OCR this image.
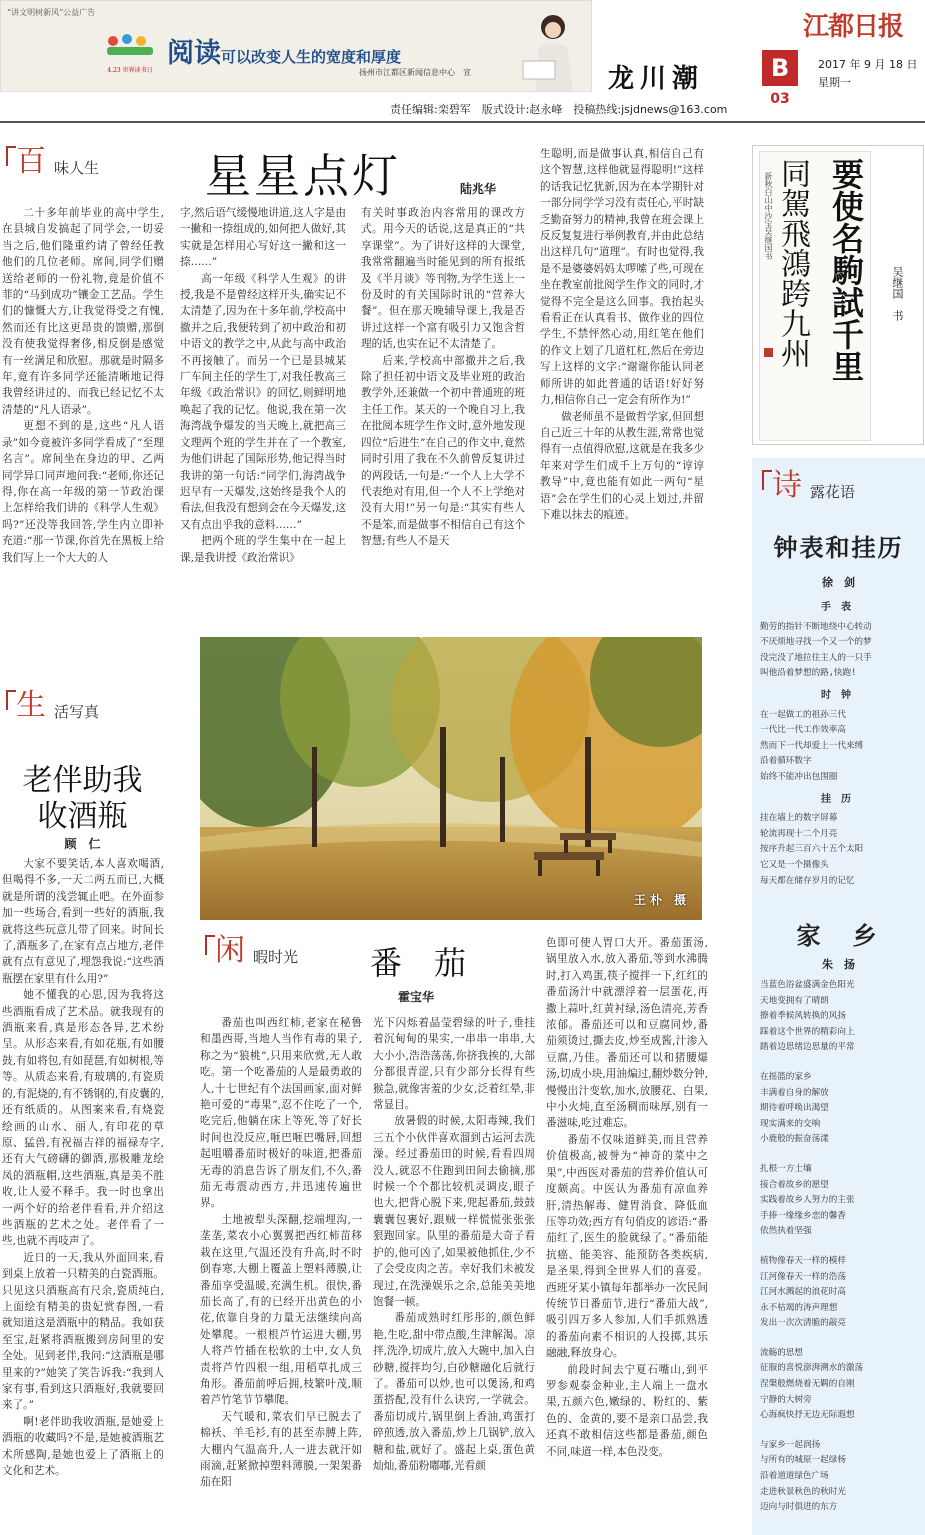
“讲文明树新风”公益广告
4.23 世界读书日
阅读 可以改变人生的宽度和厚度
扬州市江都区新闻信息中心　宣	龙川潮	B
03
江都日报
2017 年 9 月 18 日
星期一
责任编辑:栾碧军　版式设计:赵永峰　投稿热线:jsjdnews@163.com
百 味人生 星星点灯	陆兆华

二十多年前毕业的高中学生,在县城自发搞起了同学会,一切妥当之后,他们隆重约请了曾经任教他们的几位老师。席间,同学们赠送给老师的一份礼物,竟是价值不菲的“马到成功”镶金工艺品。学生们的慷慨大方,让我觉得受之有愧,然而还有比这更昂贵的馈赠,那倒没有使我觉得奢侈,相反倒是感觉有一丝满足和欣慰。那就是时隔多年,竟有许多同学还能清晰地记得我曾经讲过的、而我已经记忆不太清楚的“凡人语录”。

更想不到的是,这些“凡人语录”如今竟被许多同学看成了“至理名言”。席间坐在身边的甲、乙两同学异口同声地问我:“老师,你还记得,你在高一年级的第一节政治课上怎样给我们讲的《科学人生观》吗?”还没等我回答,学生内立即补充道:“那一节课,你首先在黑板上给我们写上一个大大的人

字,然后语气缓慢地讲道,这人字是由一撇和一捺组成的,如何把人做好,其实就是怎样用心写好这一撇和这一捺……”

高一年级《科学人生观》的讲授,我是不是曾经这样开头,确实记不太清楚了,因为在十多年前,学校高中撤并之后,我便转到了初中政治和初中语文的教学之中,从此与高中政治不再接触了。而另一个已是县城某厂车间主任的学生丁,对我任教高三年级《政治常识》的回忆,则鲜明地唤起了我的记忆。他说,我在第一次海湾战争爆发的当天晚上,就把高三文理两个班的学生并在了一个教室,为他们讲起了国际形势,他记得当时我讲的第一句话:“同学们,海湾战争迟早有一天爆发,这始终是我个人的看法,但我没有想到会在今天爆发,这又有点出乎我的意料……”

把两个班的学生集中在一起上课,是我讲授《政治常识》

有关时事政治内容常用的课改方式。用今天的话说,这是真正的“共享课堂”。为了讲好这样的大课堂,我常常翻遍当时能见到的所有报纸及《半月谈》等刊物,为学生送上一份及时的有关国际时讯的“营养大餐”。但在那天晚辅导课上,我是否讲过这样一个富有吸引力又饱含哲理的话,也实在记不太清楚了。

后来,学校高中部撤并之后,我除了担任初中语文及毕业班的政治教学外,还兼做一个初中普通班的班主任工作。某天的一个晚自习上,我在批阅本班学生作文时,意外地发现四位“后进生”在自己的作文中,竟然同时引用了我在不久前曾反复讲过的两段话,一句是:“一个人上大学不代表绝对有用,但一个人不上学绝对没有大用!”另一句是:“其实有些人不是笨,而是做事不相信自己有这个智慧;有些人不是天

生聪明,而是做事认真,相信自己有这个智慧,这样他就显得聪明!”这样的话我记忆犹新,因为在本学期针对一部分同学学习没有责任心,平时缺乏勤奋努力的精神,我曾在班会课上反反复复进行举例教育,并由此总结出这样几句“道理”。有时也觉得,我是不是婆婆妈妈太啰嗦了些,可现在坐在教室前批阅学生作文的同时,才觉得不完全是这么回事。我抬起头看看正在认真看书、做作业的四位学生,不禁怦然心动,用红笔在他们的作文上划了几道杠杠,然后在旁边写上这样的文字:“谢谢你能认同老师所讲的如此普通的话语!好好努力,相信你自己一定会有所作为!”

做老师虽不是做哲学家,但回想自己近三十年的从教生涯,常常也觉得有一点值得欣慰,这就是在我多少年来对学生们成千上万句的“谆谆教导”中,竟也能有如此一两句“星语”会在学生们的心灵上划过,并留下难以抹去的痕迹。

要使名駒試千里
同駕飛鴻跨九州
新秋白山中沙宝吴继国书
吴继国　书
诗 露花语
钟表和挂历
徐　剑
手表
勤劳的指针不断地绕中心转动
不厌烦地寻找一个又一个的梦
没完没了地拉住主人的一只手
叫他沿着梦想的路,快跑!
时钟
在一起做工的祖孙三代
一代比一代工作效率高
然而下一代却爱上一代来缚
沿着循环数字
始终不能冲出包围圈
挂历
挂在墙上的数字屏幕
轮流再现十二个月亮
按序升起三百六十五个太阳
它又是一个摄像头
每天都在储存岁月的记忆
家　乡
朱　扬
当蓝色浴盆盛满金色阳光
天地变拥有了晴朗
撩着季候风转换的风扬
踩着这个世界的精彩向上
踏着边思绪边思量的平常
在摇篮的家乡
丰满着自身的解放
期待着呼唤出渴望
现实满来的交响
小鹿般的振奋荡漾
扎根一方土壤
接合着故乡的愿望
实践着故乡人努力的主张
手捧一缘缘乡恋的馨香
依然执着坚强
植物像春天一样的模样
江河像春天一样的浩荡
江河水溅起的浪花时高
永不枯竭的涛声理想
发出一次次清脆的敲亮
流觞的思想
征服的喜悦澎湃溯水的激荡
涅槃般燃烧着无羁的自刚
宁静的大树旁
心海疯快抒无边无际遐想
与家乡一起润扬
与所有的城原一起绿杨
沿着道道绿色广场
走进秋景秋色的秋时光
迈向与时俱进的东方
生 活写真
老伴助我
收酒瓶
顾　仁

大家不要笑话,本人喜欢喝酒,但喝得不多,一天二两五而已,大概就是所谓的浅尝辄止吧。在外面参加一些场合,看到一些好的酒瓶,我就将这些玩意儿带了回来。时间长了,酒瓶多了,在家有点占地方,老伴就有点有意见了,埋怨我说:“这些酒瓶摆在家里有什么用?”

她不懂我的心思,因为我将这些酒瓶看成了艺术品。就我现有的酒瓶来看,真是形态各异,艺术纷呈。从形态来看,有如花瓶,有如腰鼓,有如将包,有如琵琶,有如树根,等等。从质态来看,有玻璃的,有瓷质的,有泥烧的,有不锈钢的,有皮囊的,还有纸质的。从图案来看,有烧瓷绘画的山水、丽人,有印花的草原、猛兽,有祝福吉祥的福禄寿字,还有大气磅礴的御酒,那极雕龙绘凤的酒瓶帽,这些酒瓶,真是美不胜收,让人爱不释手。我一时也拿出一两个好的给老伴看看,并介绍这些酒瓶的艺术之处。老伴看了一些,也就不再吱声了。

近日的一天,我从外面回来,看到桌上放着一只精美的白瓷酒瓶。只见这只酒瓶高有尺余,瓷质纯白,上面绘有精美的贵妃赏春图,一看就知道这是酒瓶中的精品。我如获至宝,赶紧将酒瓶搬到房间里的安全处。见到老伴,我问:“这酒瓶是哪里来的?”她笑了笑告诉我:“我到人家有事,看到这只酒瓶好,我就要回来了。”

啊!老伴助我收酒瓶,是她爱上酒瓶的收藏吗?不是,是她被酒瓶艺术所感陶,是她也爱上了酒瓶上的文化和艺术。

王 朴　摄
闲 暇时光 番　茄
霍宝华

番茄也叫西红柿,老家在秘鲁和墨西哥,当地人当作有毒的果子,称之为“狼桃”,只用来欣赏,无人敢吃。第一个吃番茄的人是最勇敢的人,十七世纪有个法国画家,面对鲜艳可爱的“毒果”,忍不住吃了一个,吃完后,他躺在床上等死,等了好长时间也没反应,咂巴咂巴嘴唇,回想起咀嚼番茄时极好的味道,把番茄无毒的消息告诉了朋友们,不久,番茄无毒震动西方,并迅速传遍世界。

土地被犁头深翻,挖端埋沟,一垄垄,菜农小心翼翼把西红柿苗移栽在这里,气温还没有升高,时不时倒春寒,大棚上覆盖上塑料薄膜,让番茄享受温暖,充满生机。很快,番茄长高了,有的已经开出黄色的小花,依靠自身的力量无法继续向高处攀爬。一根根芦竹运进大棚,男人将芦竹插在松软的土中,女人负责将芦竹四根一组,用稻草扎成三角形。番茄前呼后拥,枝繁叶茂,顺着芦竹笔节节攀爬。

天气暖和,菜农们早已脱去了棉袄、羊毛衫,有的甚至赤膊上阵,大棚内气温高升,人一进去就汗如雨滴,赶紧掀掉塑料薄膜,一架架番茄在阳

光下闪烁着晶莹碧绿的叶子,垂挂着沉甸甸的果实,一串串一串串,大大小小,浩浩荡荡,你挤我挨的,大部分都很青涩,只有少部分长得有些猴急,就像害羞的少女,泛着红晕,非常显目。

放暑假的时候,太阳毒辣,我们三五个小伙伴喜欢溜到古运河去洗澡。经过番茄田的时候,看看四周没人,就忍不住跑到田间去偷摘,那时候一个个都比较机灵调皮,眼子也大,把背心脱下来,兜起番茄,鼓鼓囊囊包裹好,跟贼一样慌慌张张张狠跑回家。队里的番茄是大奇子看护的,他可凶了,如果被他抓住,少不了会受皮肉之苦。幸好我们未被发现过,在洗澡娱乐之余,总能美美地饱餐一顿。

番茄成熟时红彤彤的,颜色鲜艳,生吃,甜中带点酸,生津解渴。凉拌,洗净,切成片,放入大碗中,加入白砂糖,搅拌均匀,白砂糖融化后就行了。番茄可以炒,也可以煲汤,和鸡蛋搭配,没有什么诀窍,一学就会。番茄切成片,锅里倒上香油,鸡蛋打碎煎透,放入番茄,炒上几锅铲,放入糖和盐,就好了。盛起上桌,蛋色黄灿灿,番茄粉嘟嘟,光看颜

色即可使人胃口大开。番茄蛋汤,锅里放入水,放入番茄,等到水沸腾时,打入鸡蛋,筷子搅拌一下,红红的番茄汤汁中就漂浮着一层蛋花,再撒上蒜叶,红黄衬绿,汤色清亮,芳香浓郁。番茄还可以和豆腐同炒,番茄须烫过,撕去皮,炒至成酱,汁渗入豆腐,乃佳。番茄还可以和猪腰爆汤,切成小块,用油煸过,翻炒数分钟,慢慢出汁变软,加水,放腰花、白果,中小火炖,直至汤稠而味厚,别有一番滋味,吃过难忘。

番茄不仅味道鲜美,而且营养价值极高,被誉为“神奇的菜中之果”,中西医对番茄的营养价值认可度颇高。中医认为番茄有凉血养肝,清热解毒、健胃消食、降低血压等功效;西方有句俏皮的谚语:“番茄红了,医生的脸就绿了。”番茄能抗癌、能美容、能预防各类疾病,是圣果,得到全世界人们的喜爱。西班牙某小镇每年都举办一次民间传统节日番茄节,进行“番茄大战”,吸引四万多人参加,人们手抓熟透的番茄向素不相识的人投掷,其乐融融,释放身心。

前段时间去宁夏石嘴山,到平罗参观泰金种业,主人端上一盘水果,五颜六色,嫩绿的、粉红的、紫色的、金黄的,要不是亲口品尝,我还真不敢相信这些都是番茄,颜色不同,味道一样,本色没变。
